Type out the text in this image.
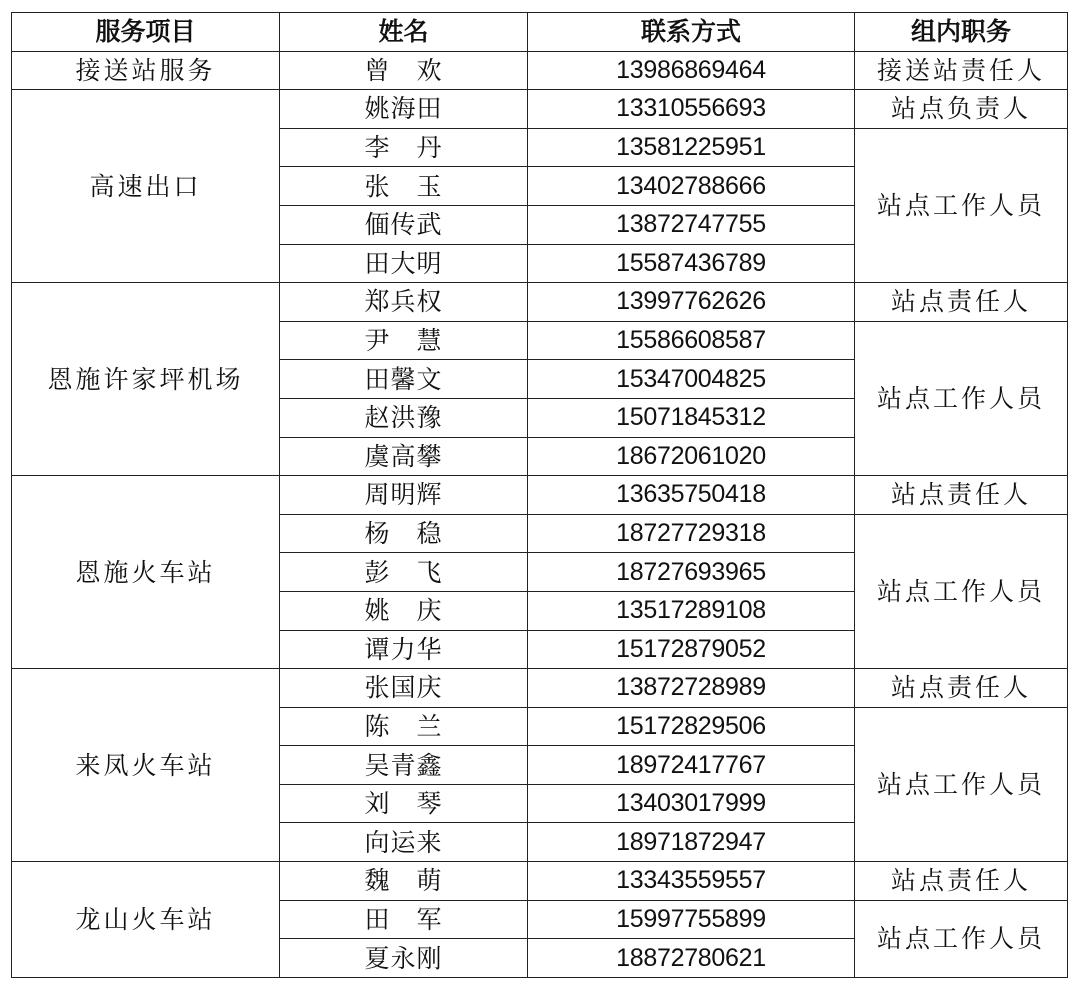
服务项目	姓名	联系方式	组内职务
接送站服务	曾　欢	13986869464	接送站责任人
高速出口	姚海田	13310556693	站点负责人
	李　丹	13581225951	站点工作人员
	张　玉	13402788666	
	偭传武	13872747755	
	田大明	15587436789	
恩施许家坪机场	郑兵权	13997762626	站点责任人
	尹　慧	15586608587	站点工作人员
	田馨文	15347004825	
	赵洪豫	15071845312	
	虞高攀	18672061020	
恩施火车站	周明辉	13635750418	站点责任人
	杨　稳	18727729318	站点工作人员
	彭　飞	18727693965	
	姚　庆	13517289108	
	谭力华	15172879052	
来凤火车站	张国庆	13872728989	站点责任人
	陈　兰	15172829506	站点工作人员
	吴青鑫	18972417767	
	刘　琴	13403017999	
	向运来	18971872947	
龙山火车站	魏　萌	13343559557	站点责任人
	田　军	15997755899	站点工作人员
	夏永刚	18872780621	
